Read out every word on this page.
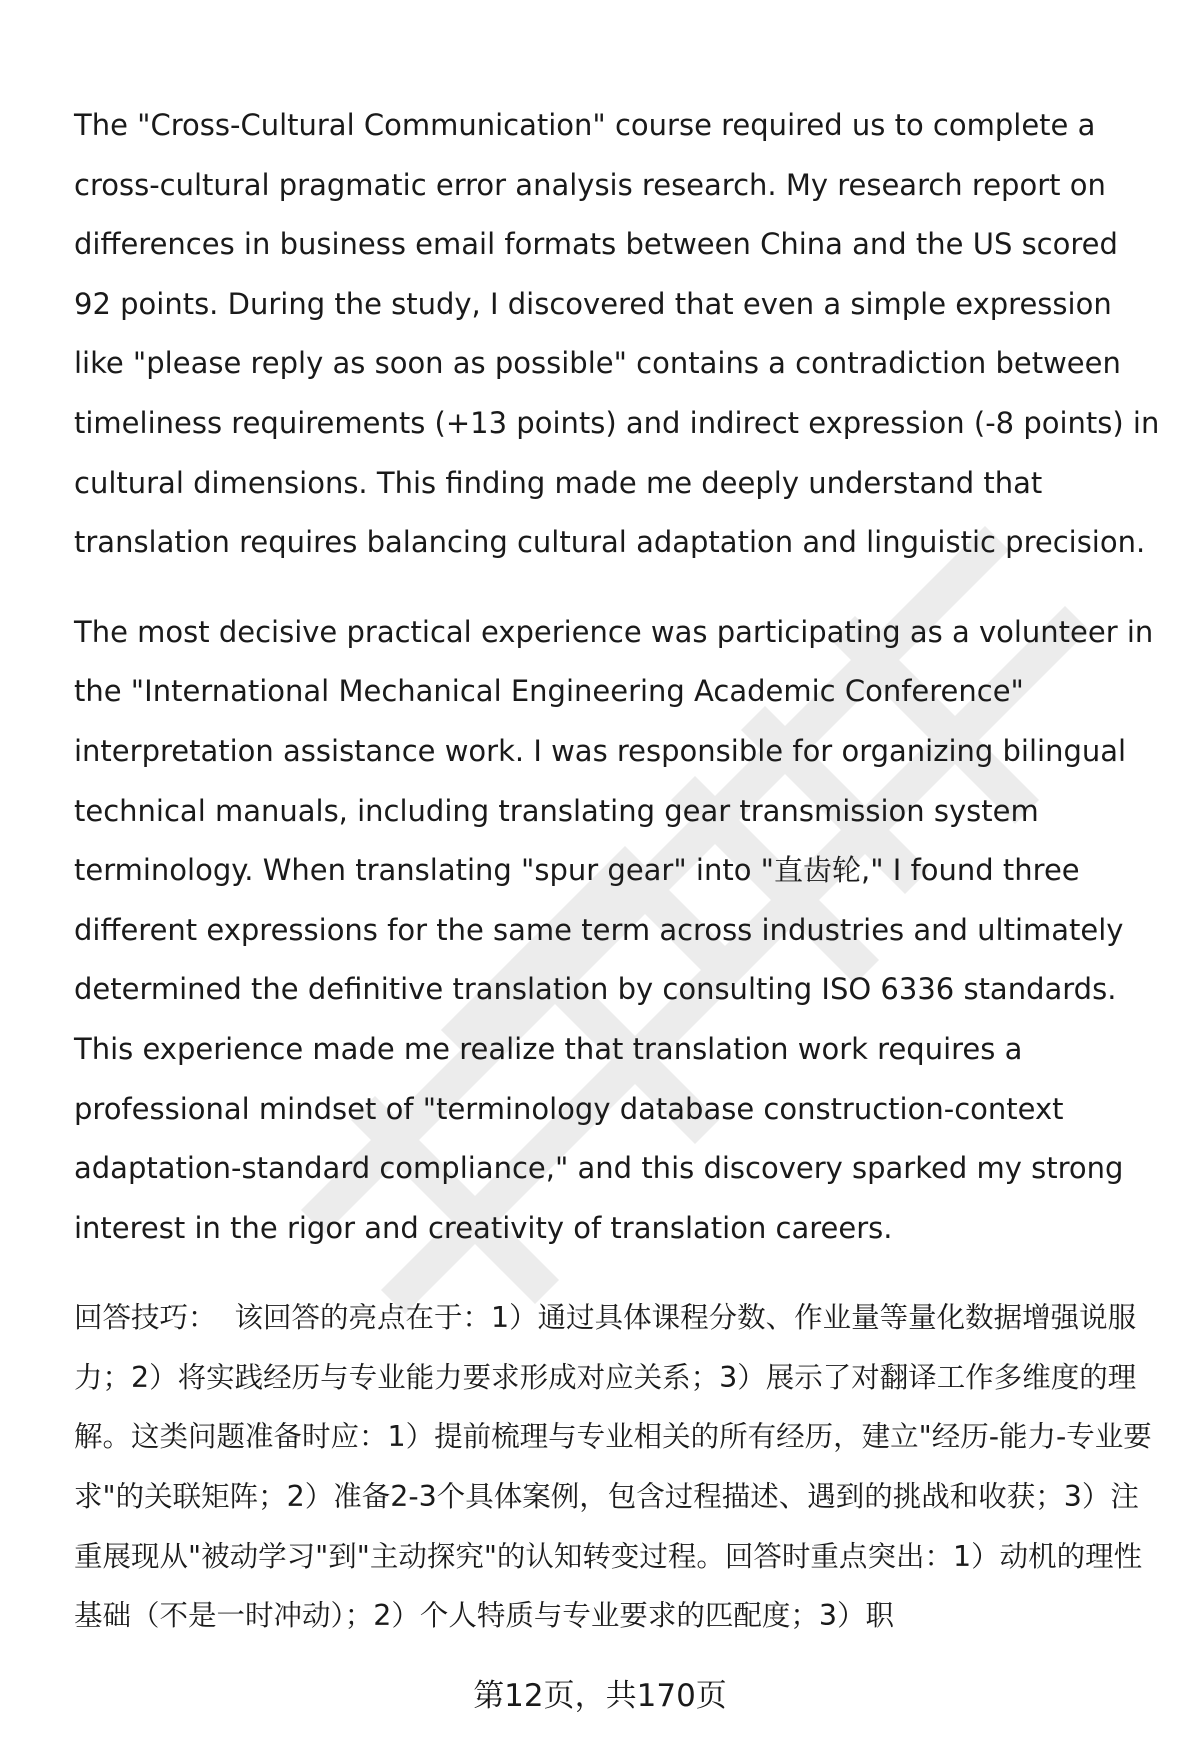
The "Cross-Cultural Communication" course required us to complete a cross-cultural pragmatic error analysis research. My research report on differences in business email formats between China and the US scored 92 points. During the study, I discovered that even a simple expression like "please reply as soon as possible" contains a contradiction between timeliness requirements (+13 points) and indirect expression (-8 points) in cultural dimensions. This finding made me deeply understand that translation requires balancing cultural adaptation and linguistic precision.

The most decisive practical experience was participating as a volunteer in the "International Mechanical Engineering Academic Conference" interpretation assistance work. I was responsible for organizing bilingual technical manuals, including translating gear transmission system terminology. When translating "spur gear" into "直齿轮," I found three different expressions for the same term across industries and ultimately determined the definitive translation by consulting ISO 6336 standards. This experience made me realize that translation work requires a professional mindset of "terminology database construction-context adaptation-standard compliance," and this discovery sparked my strong interest in the rigor and creativity of translation careers.

回答技巧： 该回答的亮点在于：1）通过具体课程分数、作业量等量化数据增强说服力；2）将实践经历与专业能力要求形成对应关系；3）展示了对翻译工作多维度的理解。这类问题准备时应：1）提前梳理与专业相关的所有经历，建立"经历-能力-专业要求"的关联矩阵；2）准备2-3个具体案例，包含过程描述、遇到的挑战和收获；3）注重展现从"被动学习"到"主动探究"的认知转变过程。回答时重点突出：1）动机的理性基础（不是一时冲动）；2）个人特质与专业要求的匹配度；3）职

第12页，共170页
